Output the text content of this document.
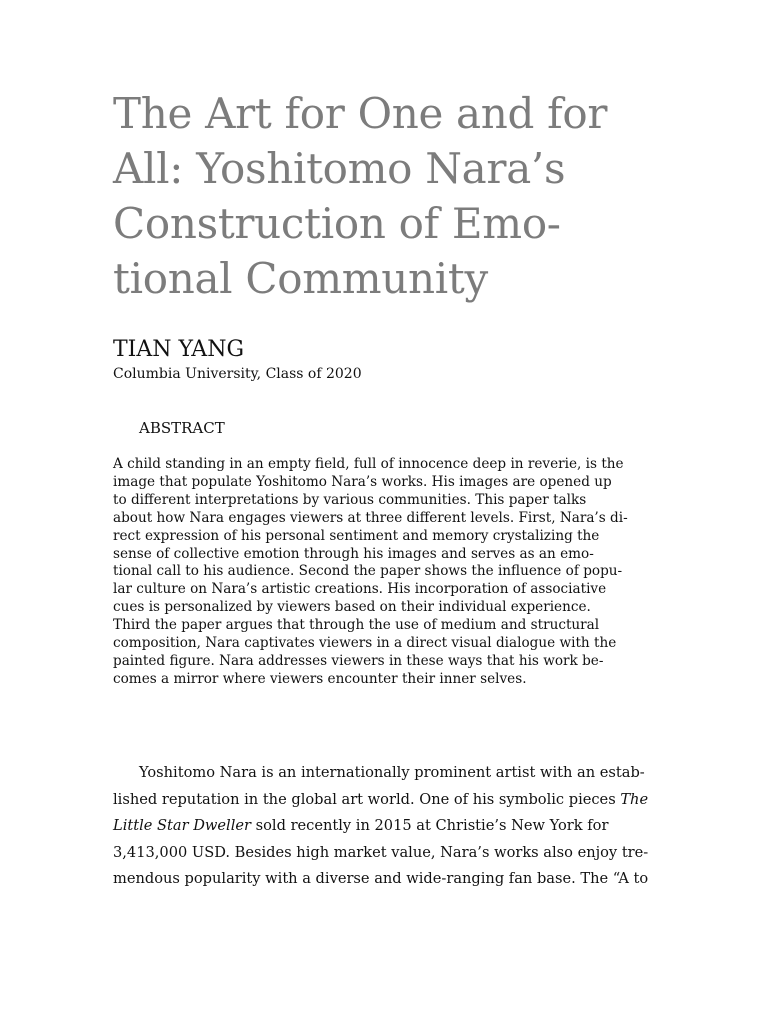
The Art for One and for
All: Yoshitomo Nara’s
Construction of Emo-
tional Community
TIAN YANG
Columbia University, Class of 2020
ABSTRACT
A child standing in an empty field, full of innocence deep in reverie, is the
image that populate Yoshitomo Nara’s works. His images are opened up
to different interpretations by various communities. This paper talks
about how Nara engages viewers at three different levels. First, Nara’s di-
rect expression of his personal sentiment and memory crystalizing the
sense of collective emotion through his images and serves as an emo-
tional call to his audience. Second the paper shows the influence of popu-
lar culture on Nara’s artistic creations. His incorporation of associative
cues is personalized by viewers based on their individual experience.
Third the paper argues that through the use of medium and structural
composition, Nara captivates viewers in a direct visual dialogue with the
painted figure. Nara addresses viewers in these ways that his work be-
comes a mirror where viewers encounter their inner selves.
Yoshitomo Nara is an internationally prominent artist with an estab-
lished reputation in the global art world. One of his symbolic pieces The
Little Star Dweller sold recently in 2015 at Christie’s New York for
3,413,000 USD. Besides high market value, Nara’s works also enjoy tre-
mendous popularity with a diverse and wide-ranging fan base. The “A to
